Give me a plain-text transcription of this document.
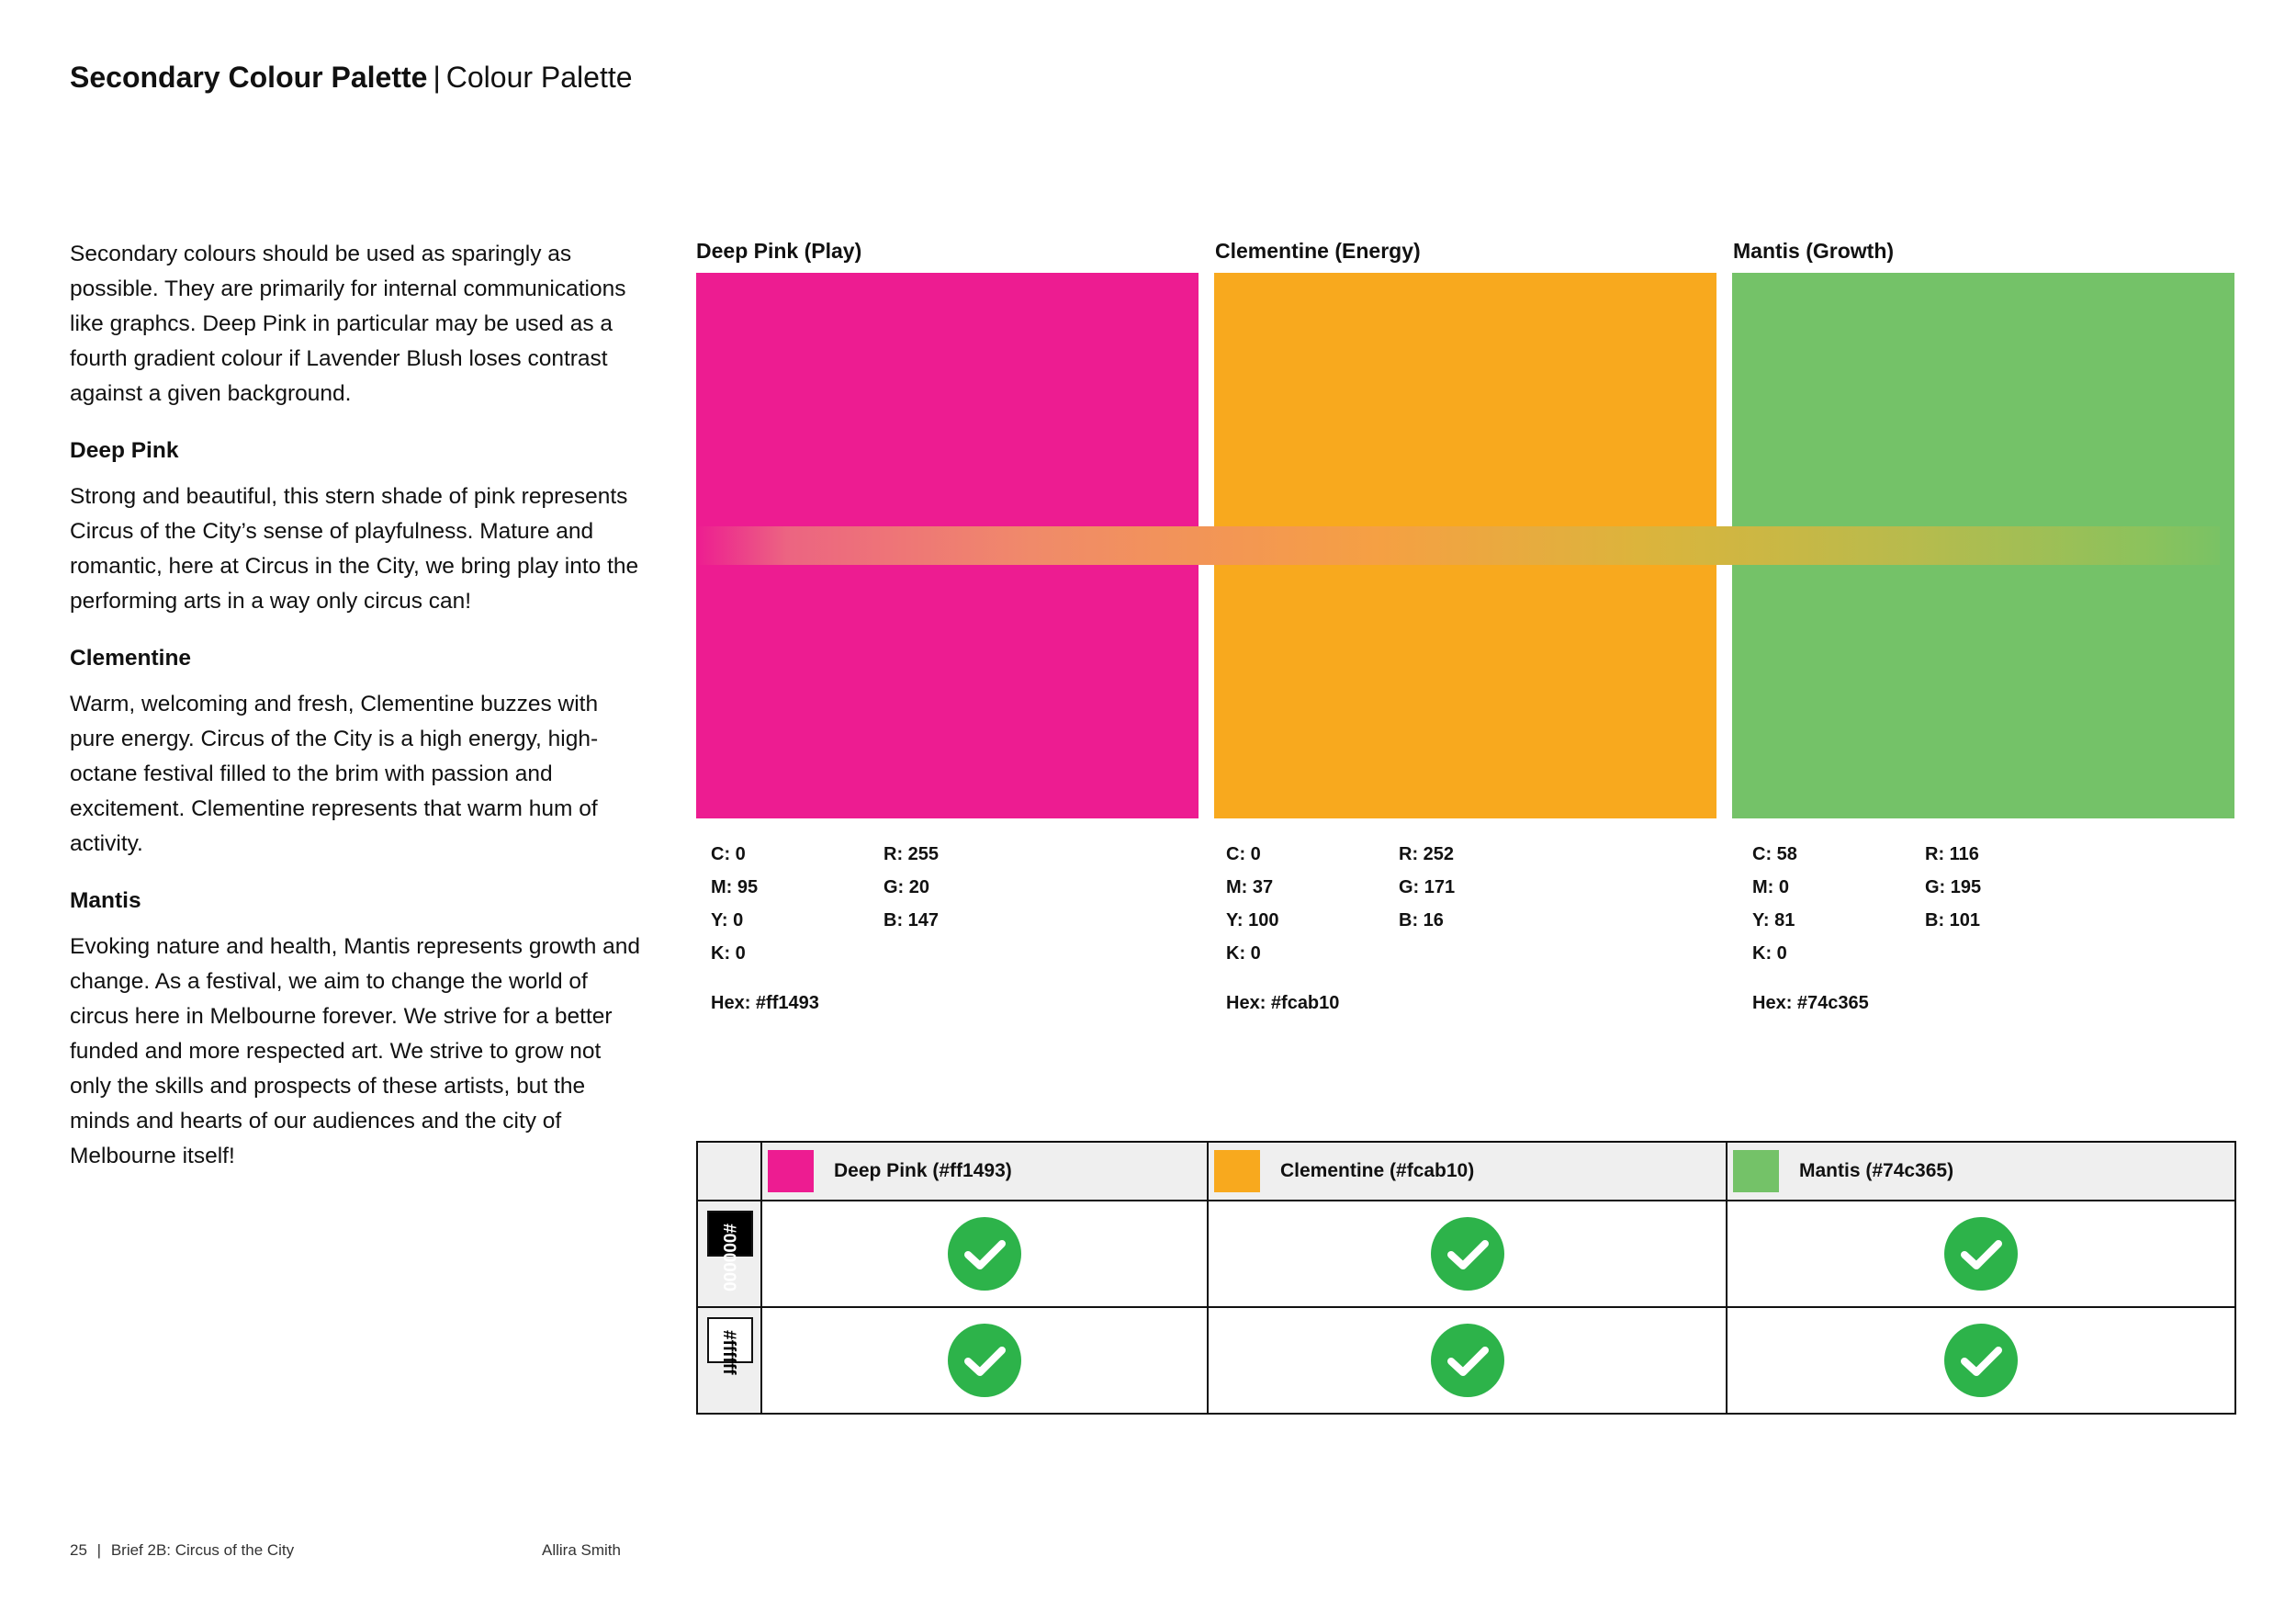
Secondary Colour Palette | Colour Palette

Secondary colours should be used as sparingly as possible. They are primarily for internal communications like graphcs. Deep Pink in particular may be used as a fourth gradient colour if Lavender Blush loses contrast against a given background.

Deep Pink

Strong and beautiful, this stern shade of pink represents Circus of the City’s sense of playfulness. Mature and romantic, here at Circus in the City, we bring play into the performing arts in a way only circus can!

Clementine

Warm, welcoming and fresh, Clementine buzzes with pure energy. Circus of the City is a high energy, high-octane festival filled to the brim with passion and excitement. Clementine represents that warm hum of activity.

Mantis

Evoking nature and health, Mantis represents growth and change. As a festival, we aim to change the world of circus here in Melbourne forever. We strive for a better funded and more respected art. We strive to grow not only the skills and prospects of these artists, but the minds and hearts of our audiences and the city of Melbourne itself!

Deep Pink (Play)	Clementine (Energy)	Mantis (Growth)
C: 0
M: 95
Y: 0
K: 0
R: 255
G: 20
B: 147
Hex: #ff1493
C: 0
M: 37
Y: 100
K: 0
R: 252
G: 171
B: 16
Hex: #fcab10
C: 58
M: 0
Y: 81
K: 0
R: 116
G: 195
B: 101
Hex: #74c365

	Deep Pink (#ff1493)	Clementine (#fcab10)	Mantis (#74c365)

#000000

#ffffff

25 | Brief 2B: Circus of the City	Allira Smith
